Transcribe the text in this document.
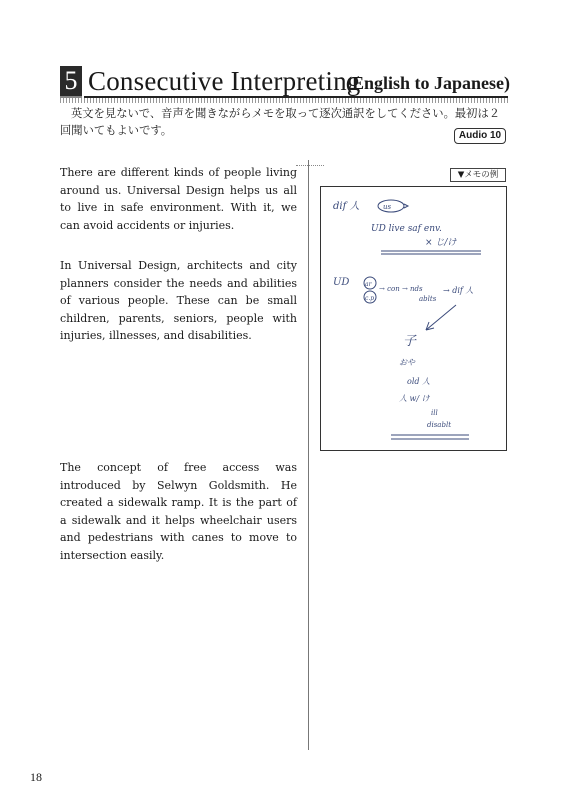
5 Consecutive Interpreting
(English to Japanese)
英文を見ないで、音声を聞きながらメモを取って逐次通訳をしてください。最初は２回聞いてもよいです。	Audio 10
There are different kinds of people living around us. Universal Design helps us all to live in safe environment. With it, we can avoid accidents or injuries.
In Universal Design, architects and city planners consider the needs and abilities of various people. These can be small children, parents, seniors, people with injuries, illnesses, and disabilities.
The concept of free access was introduced by Selwyn Goldsmith. He created a sidewalk ramp. It is the part of a sidewalk and it helps wheelchair users and pedestrians with canes to move to intersection easily.
▼メモの例
dif 人	us
UD live saf env.
× じ/け
UD	ar
c.p
→ con → nds
ablts
→ dif 人
子
おや
old 人
人 w/ け
ill
disablt
18
